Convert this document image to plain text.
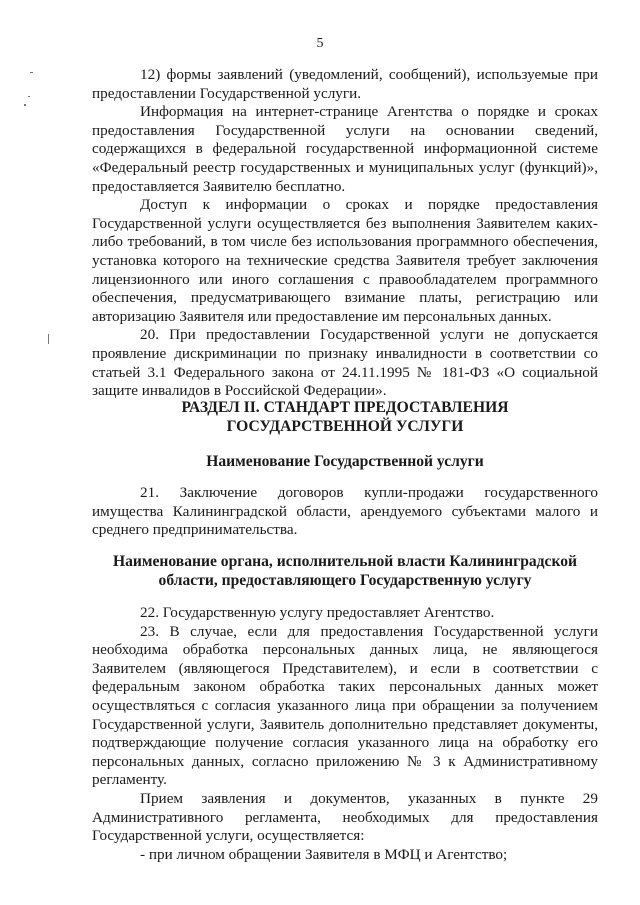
5

12) формы заявлений (уведомлений, сообщений), используемые при предоставлении Государственной услуги.

Информация на интернет-странице Агентства о порядке и сроках предоставления Государственной услуги на основании сведений, содержащихся в федеральной государственной информационной системе «Федеральный реестр государственных и муниципальных услуг (функций)», предоставляется Заявителю бесплатно.

Доступ к информации о сроках и порядке предоставления Государственной услуги осуществляется без выполнения Заявителем каких-либо требований, в том числе без использования программного обеспечения, установка которого на технические средства Заявителя требует заключения лицензионного или иного соглашения с правообладателем программного обеспечения, предусматривающего взимание платы, регистрацию или авторизацию Заявителя или предоставление им персональных данных.

20. При предоставлении Государственной услуги не допускается проявление дискриминации по признаку инвалидности в соответствии со статьей 3.1 Федерального закона от 24.11.1995 № 181-ФЗ «О социальной защите инвалидов в Российской Федерации».

РАЗДЕЛ II. СТАНДАРТ ПРЕДОСТАВЛЕНИЯ
ГОСУДАРСТВЕННОЙ УСЛУГИ
Наименование Государственной услуги

21. Заключение договоров купли-продажи государственного имущества Калининградской области, арендуемого субъектами малого и среднего предпринимательства.

Наименование органа, исполнительной власти Калининградской
области, предоставляющего Государственную услугу

22. Государственную услугу предоставляет Агентство.

23. В случае, если для предоставления Государственной услуги необходима обработка персональных данных лица, не являющегося Заявителем (являющегося Представителем), и если в соответствии с федеральным законом обработка таких персональных данных может осуществляться с согласия указанного лица при обращении за получением Государственной услуги, Заявитель дополнительно представляет документы, подтверждающие получение согласия указанного лица на обработку его персональных данных, согласно приложению № 3 к Административному регламенту.

Прием заявления и документов, указанных в пункте 29 Административного регламента, необходимых для предоставления Государственной услуги, осуществляется:

- при личном обращении Заявителя в МФЦ и Агентство;
